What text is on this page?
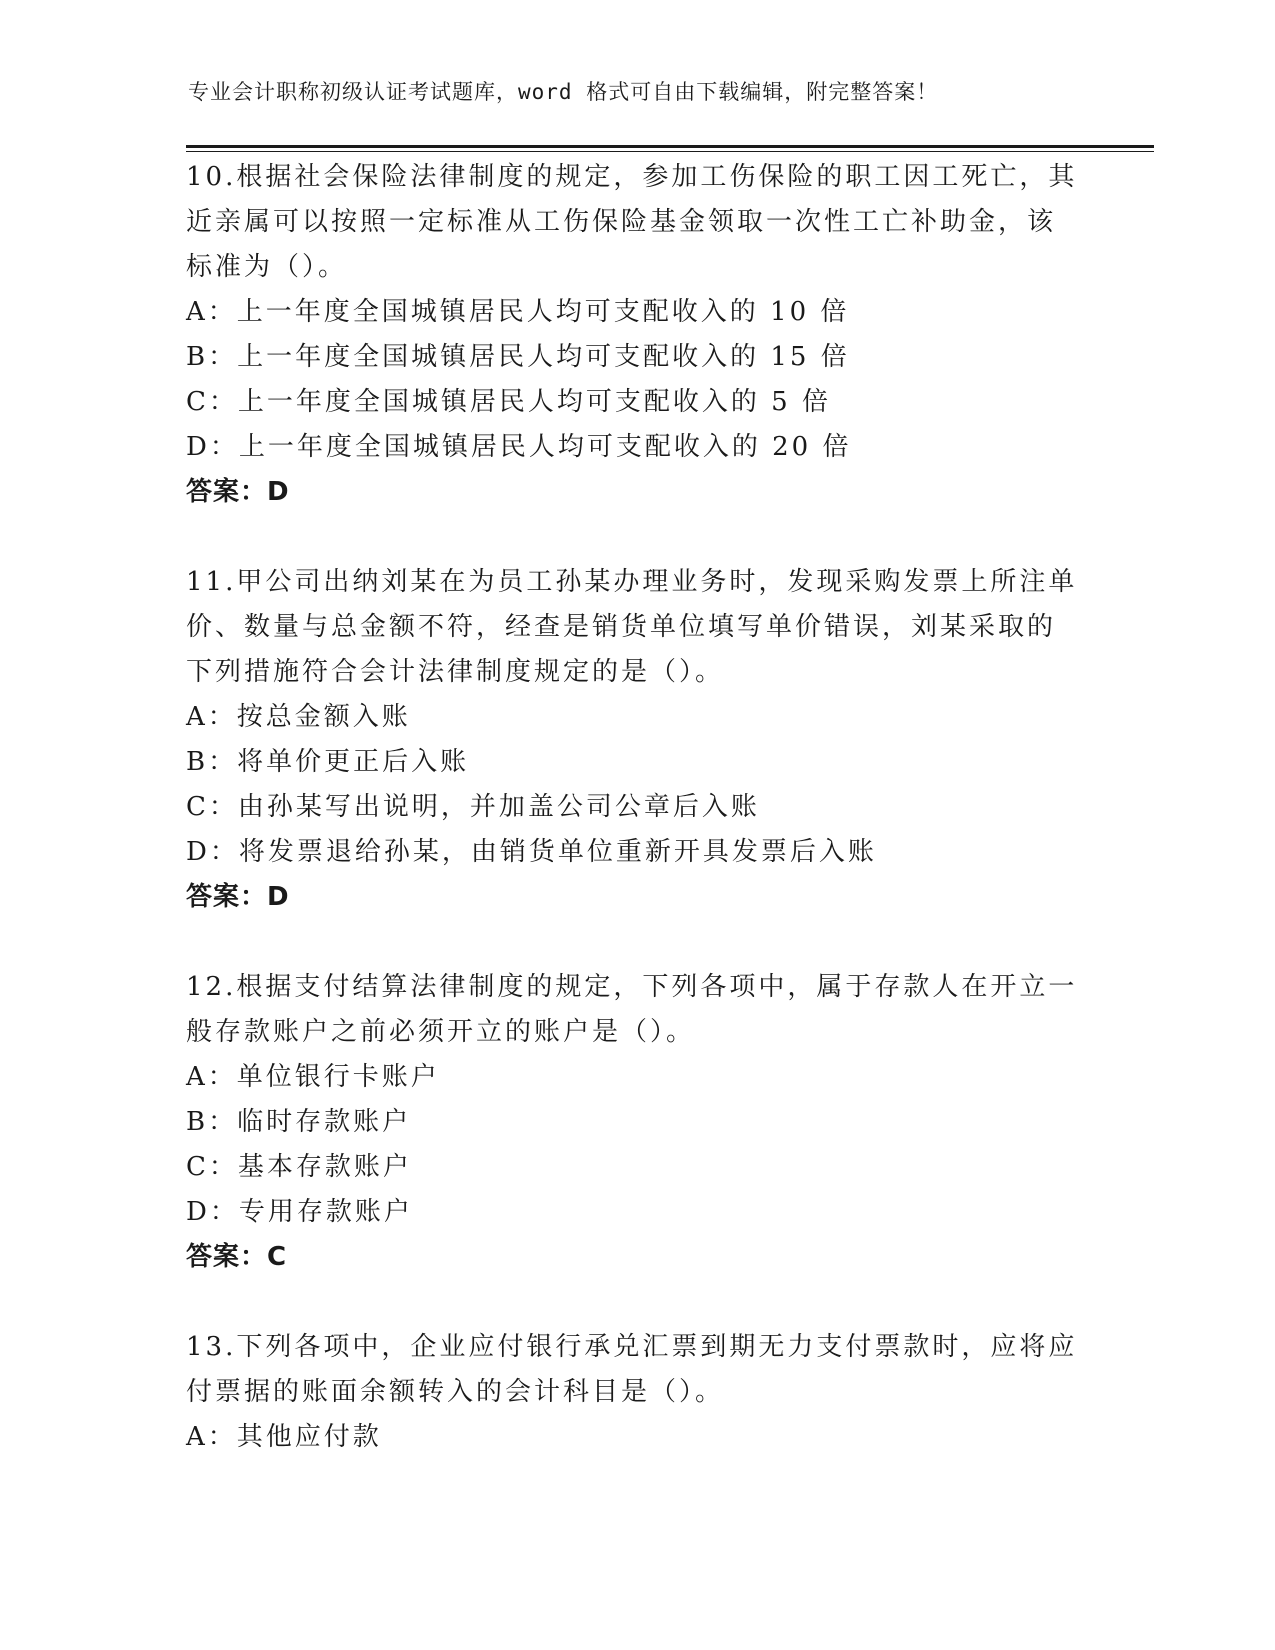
专业会计职称初级认证考试题库，word 格式可自由下载编辑，附完整答案！

10.根据社会保险法律制度的规定，参加工伤保险的职工因工死亡，其

近亲属可以按照一定标准从工伤保险基金领取一次性工亡补助金，该

标准为（）。

A：上一年度全国城镇居民人均可支配收入的 10 倍

B：上一年度全国城镇居民人均可支配收入的 15 倍

C：上一年度全国城镇居民人均可支配收入的 5 倍

D：上一年度全国城镇居民人均可支配收入的 20 倍

答案：D

11.甲公司出纳刘某在为员工孙某办理业务时，发现采购发票上所注单

价、数量与总金额不符，经查是销货单位填写单价错误，刘某采取的

下列措施符合会计法律制度规定的是（）。

A：按总金额入账

B：将单价更正后入账

C：由孙某写出说明，并加盖公司公章后入账

D：将发票退给孙某，由销货单位重新开具发票后入账

答案：D

12.根据支付结算法律制度的规定，下列各项中，属于存款人在开立一

般存款账户之前必须开立的账户是（）。

A：单位银行卡账户

B：临时存款账户

C：基本存款账户

D：专用存款账户

答案：C

13.下列各项中，企业应付银行承兑汇票到期无力支付票款时，应将应

付票据的账面余额转入的会计科目是（）。

A：其他应付款
